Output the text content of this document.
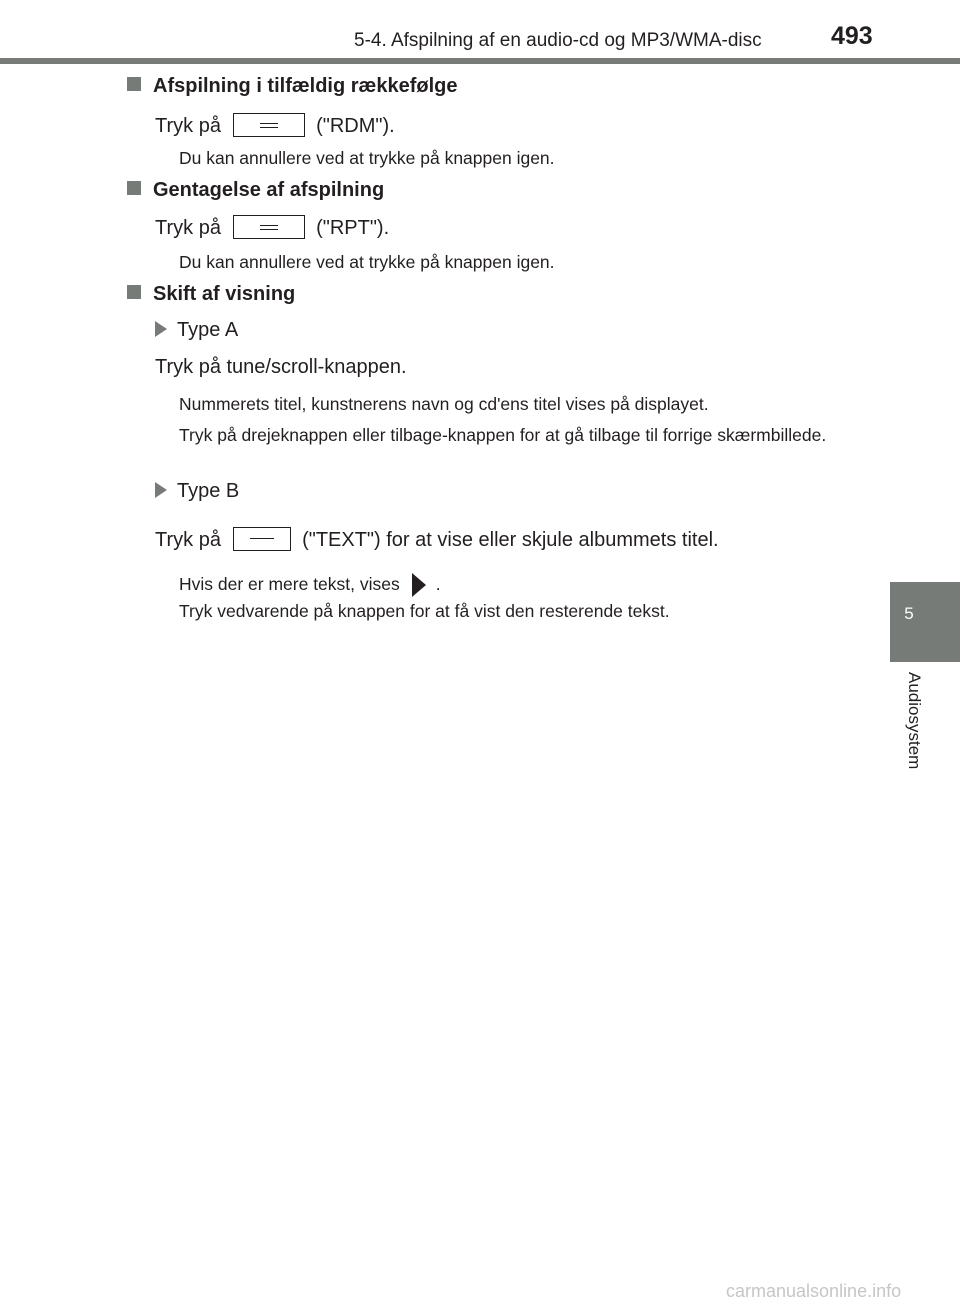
5-4. Afspilning af en audio-cd og MP3/WMA-disc	493
5
Audiosystem
Afspilning i tilfældig rækkefølge
Tryk på	("RDM").
Du kan annullere ved at trykke på knappen igen.
Gentagelse af afspilning
Tryk på	("RPT").
Du kan annullere ved at trykke på knappen igen.
Skift af visning
Type A
Tryk på tune/scroll-knappen.
Nummerets titel, kunstnerens navn og cd'ens titel vises på displayet.
Tryk på drejeknappen eller tilbage-knappen for at gå tilbage til forrige skærmbillede.
Type B
Tryk på	("TEXT") for at vise eller skjule albummets titel.
Hvis der er mere tekst, vises .
Tryk vedvarende på knappen for at få vist den resterende tekst.
carmanualsonline.info
